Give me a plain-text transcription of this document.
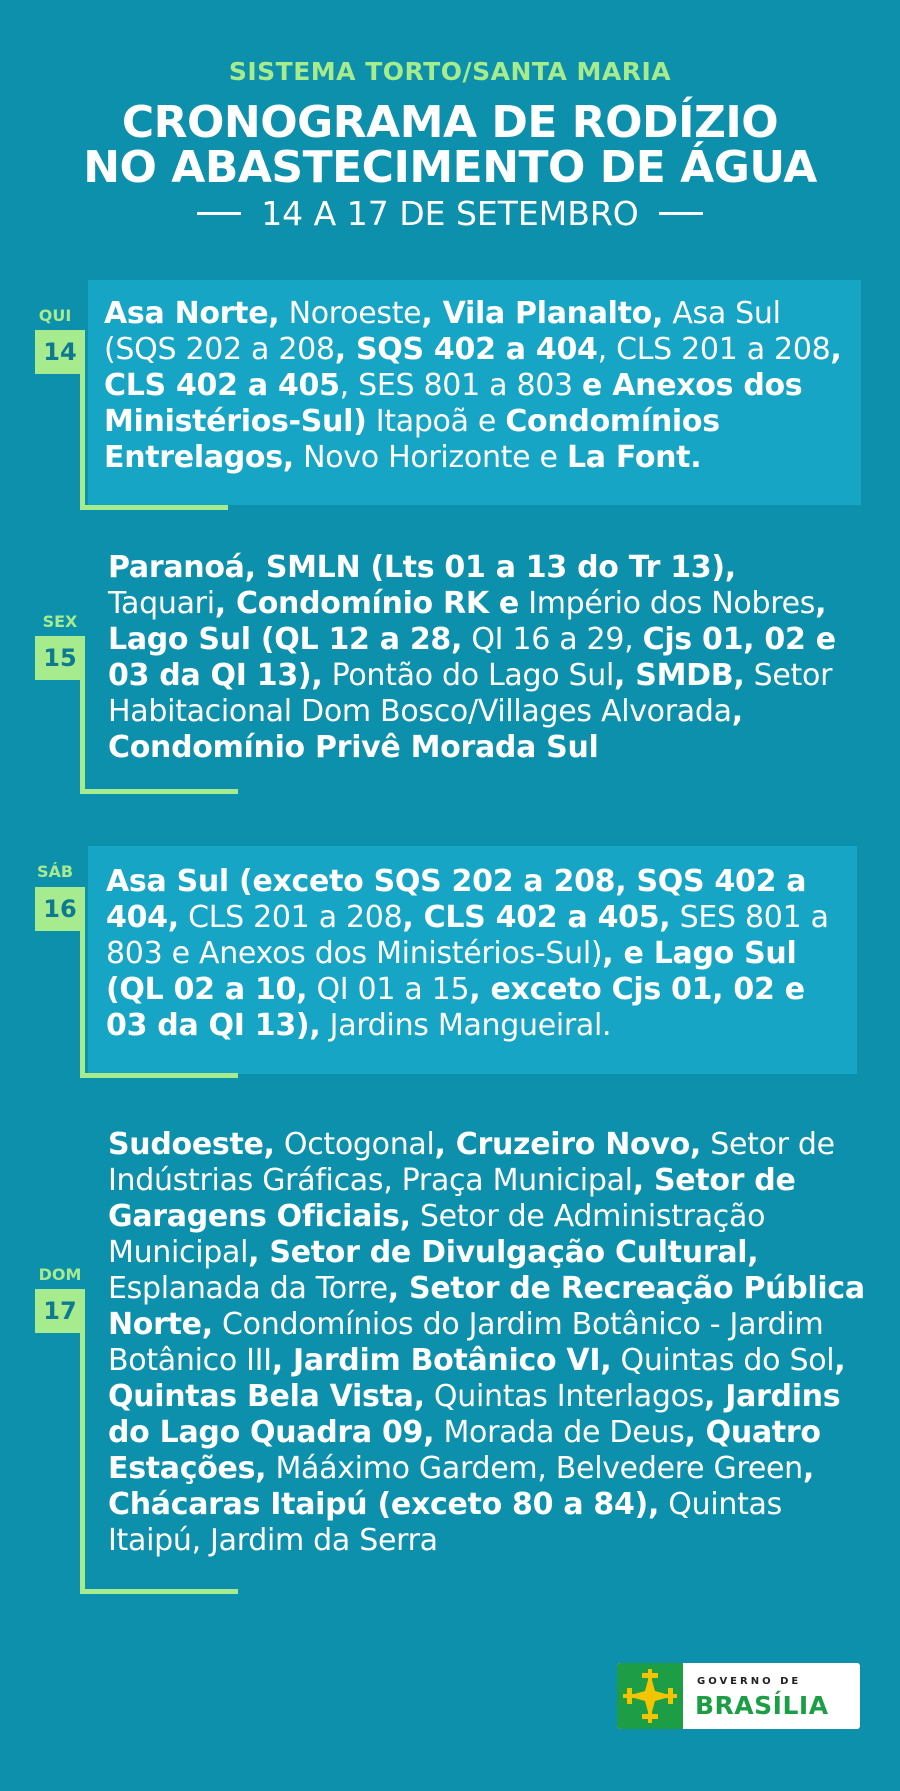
SISTEMA TORTO/SANTA MARIA
CRONOGRAMA DE RODÍZIO
NO ABASTECIMENTO DE ÁGUA
14 A 17 DE SETEMBRO
QUI
14
Asa Norte, Noroeste, Vila Planalto, Asa Sul (SQS 202 a 208, SQS 402 a 404, CLS 201 a 208, CLS 402 a 405, SES 801 a 803 e Anexos dos Ministérios-Sul) Itapoã e Condomínios Entrelagos, Novo Horizonte e La Font.
SEX
15
Paranoá, SMLN (Lts 01 a 13 do Tr 13), Taquari, Condomínio RK e Império dos Nobres, Lago Sul (QL 12 a 28, QI 16 a 29, Cjs 01, 02 e 03 da QI 13), Pontão do Lago Sul, SMDB, Setor Habitacional Dom Bosco/Villages Alvorada, Condomínio Privê Morada Sul
SÁB
16
Asa Sul (exceto SQS 202 a 208, SQS 402 a 404, CLS 201 a 208, CLS 402 a 405, SES 801 a 803 e Anexos dos Ministérios-Sul), e Lago Sul (QL 02 a 10, QI 01 a 15, exceto Cjs 01, 02 e 03 da QI 13), Jardins Mangueiral.
DOM
17
Sudoeste, Octogonal, Cruzeiro Novo, Setor de Indústrias Gráficas, Praça Municipal, Setor de Garagens Oficiais, Setor de Administração Municipal, Setor de Divulgação Cultural, Esplanada da Torre, Setor de Recreação Pública Norte, Condomínios do Jardim Botânico - Jardim Botânico III, Jardim Botânico VI, Quintas do Sol, Quintas Bela Vista, Quintas Interlagos, Jardins do Lago Quadra 09, Morada de Deus, Quatro Estações, Mááximo Gardem, Belvedere Green, Chácaras Itaipú (exceto 80 a 84), Quintas Itaipú, Jardim da Serra
GOVERNO DE
BRASÍLIA
